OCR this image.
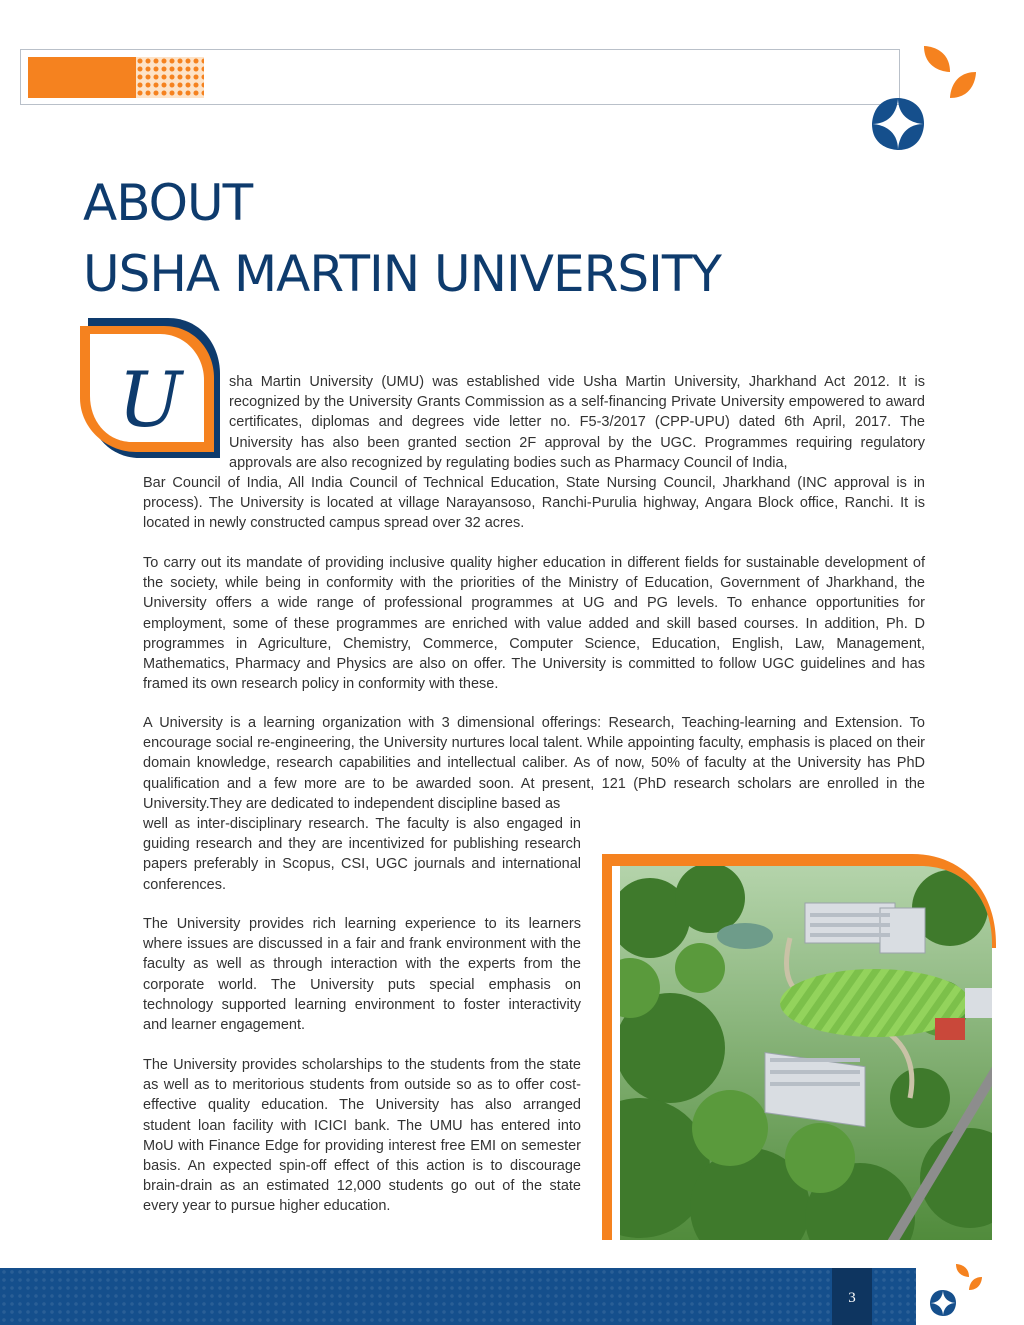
ABOUT
USHA MARTIN UNIVERSITY
U	sha Martin University (UMU) was established vide Usha Martin University, Jharkhand Act 2012. It is recognized by the University Grants Commission as a self-financing Private University empowered to award certificates, diplomas and degrees vide letter no. F5-3/2017 (CPP-UPU) dated 6th April, 2017. The University has also been granted section 2F approval by the UGC. Programmes requiring regulatory approvals are also recognized by regulating bodies such as Pharmacy Council of India,

Bar Council of India, All India Council of Technical Education, State Nursing Council, Jharkhand (INC approval is in process). The University is located at village Narayansoso, Ranchi-Purulia highway, Angara Block office, Ranchi. It is located in newly constructed campus spread over 32 acres.

To carry out its mandate of providing inclusive quality higher education in different fields for sustainable development of the society, while being in conformity with the priorities of the Ministry of Education, Government of Jharkhand, the University offers a wide range of professional programmes at UG and PG levels. To enhance opportunities for employment, some of these programmes are enriched with value added and skill based courses. In addition, Ph. D programmes in Agriculture, Chemistry, Commerce, Computer Science, Education, English, Law, Management, Mathematics, Pharmacy and Physics are also on offer. The University is committed to follow UGC guidelines and has framed its own research policy in conformity with these.

A University is a learning organization with 3 dimensional offerings: Research, Teaching-learning and Extension. To encourage social re-engineering, the University nurtures local talent. While appointing faculty, emphasis is placed on their domain knowledge, research capabilities and intellectual caliber. As of now, 50% of faculty at the University has PhD qualification and a few more are to be awarded soon. At present, 121 (PhD research scholars are enrolled in the University.They are dedicated to independent discipline based as

well as inter-disciplinary research. The faculty is also engaged in guiding research and they are incentivized for publishing research papers preferably in Scopus, CSI, UGC journals and international conferences.

The University provides rich learning experience to its learners where issues are discussed in a fair and frank environment with the faculty as well as through interaction with the experts from the corporate world. The University puts special emphasis on technology supported learning environment to foster interactivity and learner engagement.

The University provides scholarships to the students from the state as well as to meritorious students from outside so as to offer cost- effective quality education. The University has also arranged student loan facility with ICICI bank. The UMU has entered into MoU with Finance Edge for providing interest free EMI on semester basis. An expected spin-off effect of this action is to discourage brain-drain as an estimated 12,000 students go out of the state every year to pursue higher education.

3
